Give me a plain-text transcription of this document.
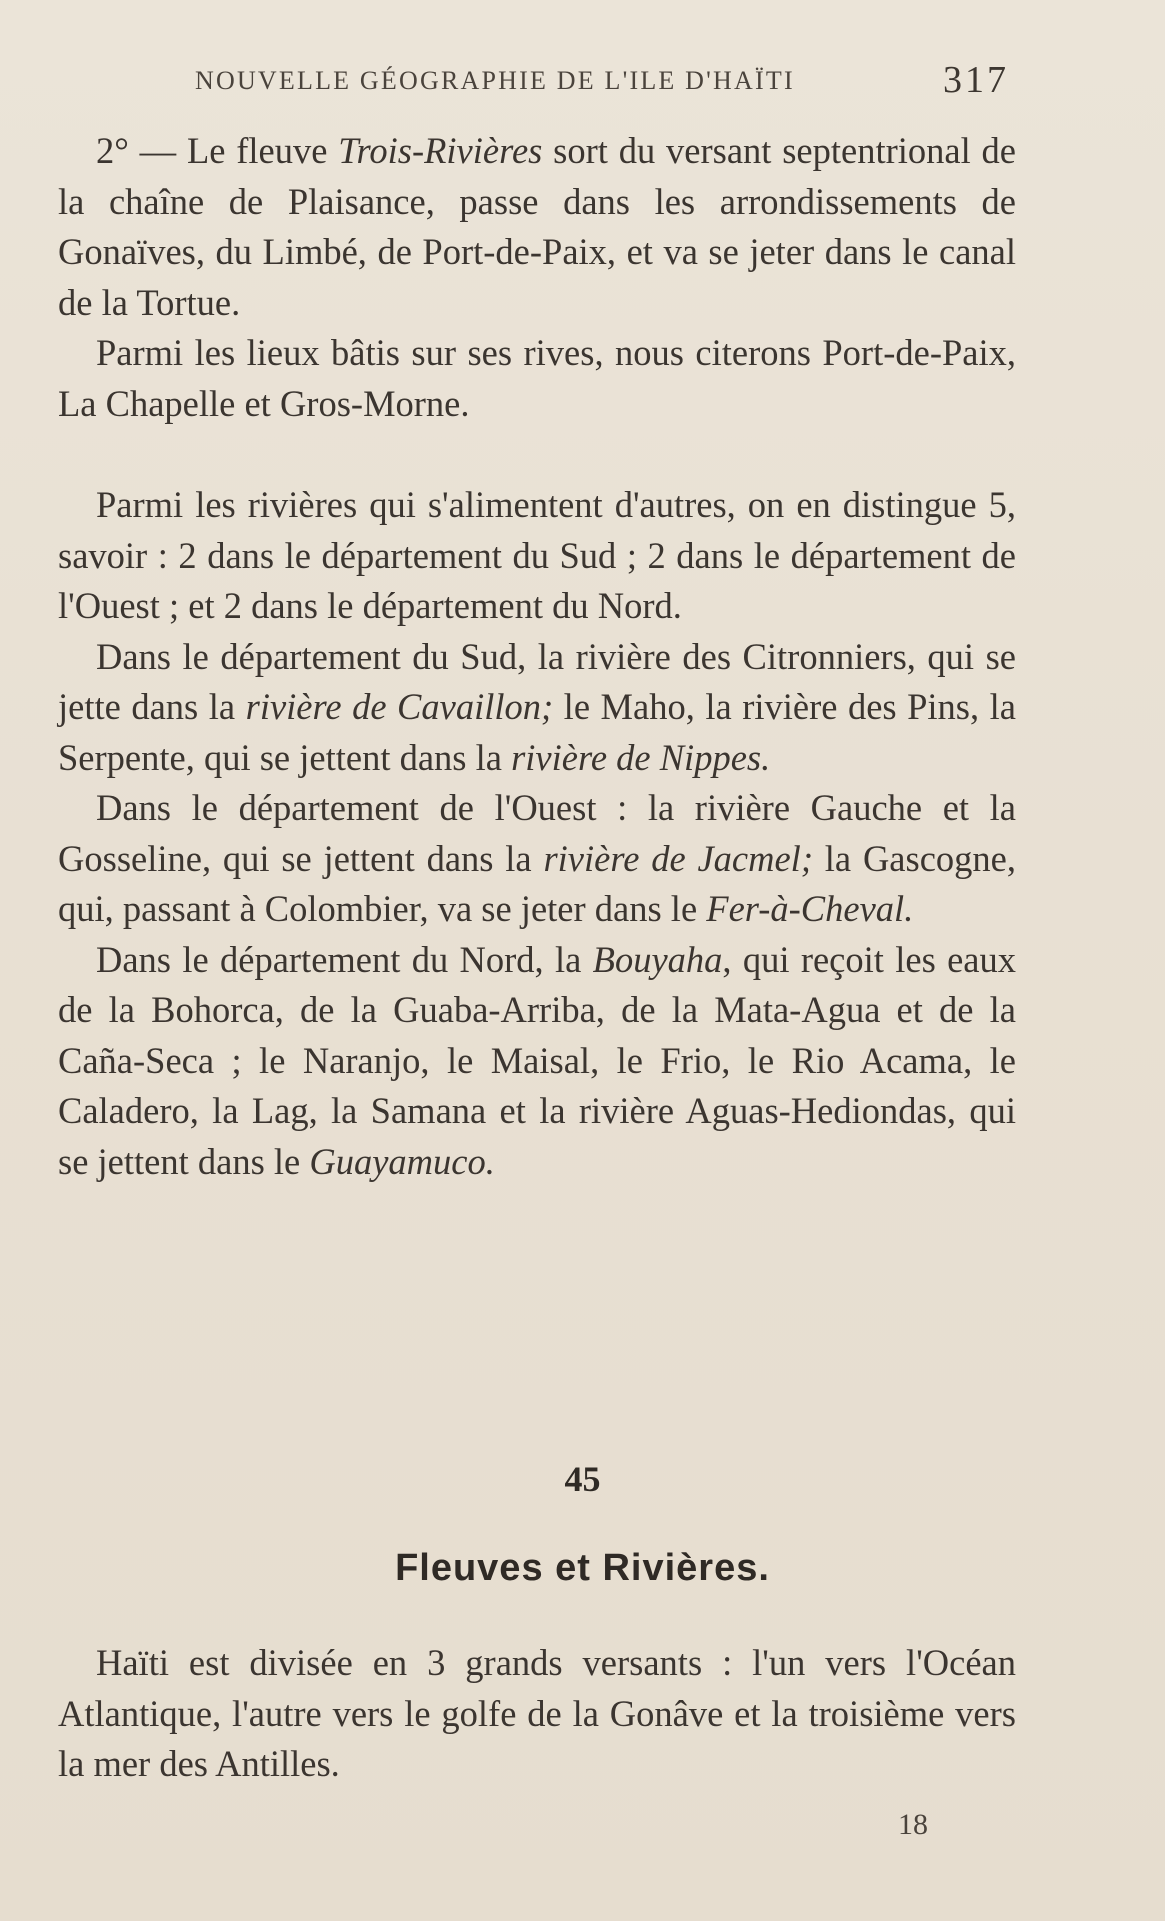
NOUVELLE GÉOGRAPHIE DE L'ILE D'HAÏTI	317

2° — Le fleuve Trois-Rivières sort du versant septentrional de la chaîne de Plaisance, passe dans les arrondissements de Gonaïves, du Limbé, de Port-de-Paix, et va se jeter dans le canal de la Tortue.

Parmi les lieux bâtis sur ses rives, nous citerons Port-de-Paix, La Chapelle et Gros-Morne.

Parmi les rivières qui s'alimentent d'autres, on en distingue 5, savoir : 2 dans le département du Sud ; 2 dans le département de l'Ouest ; et 2 dans le département du Nord.

Dans le département du Sud, la rivière des Citronniers, qui se jette dans la rivière de Cavaillon; le Maho, la rivière des Pins, la Serpente, qui se jettent dans la rivière de Nippes.

Dans le département de l'Ouest : la rivière Gauche et la Gosseline, qui se jettent dans la rivière de Jacmel; la Gascogne, qui, passant à Colombier, va se jeter dans le Fer-à-Cheval.

Dans le département du Nord, la Bouyaha, qui reçoit les eaux de la Bohorca, de la Guaba-Arriba, de la Mata-Agua et de la Caña-Seca ; le Naranjo, le Maisal, le Frio, le Rio Acama, le Caladero, la Lag, la Samana et la rivière Aguas-Hediondas, qui se jettent dans le Guayamuco.

45
Fleuves et Rivières.

Haïti est divisée en 3 grands versants : l'un vers l'Océan Atlantique, l'autre vers le golfe de la Gonâve et la troisième vers la mer des Antilles.

18
